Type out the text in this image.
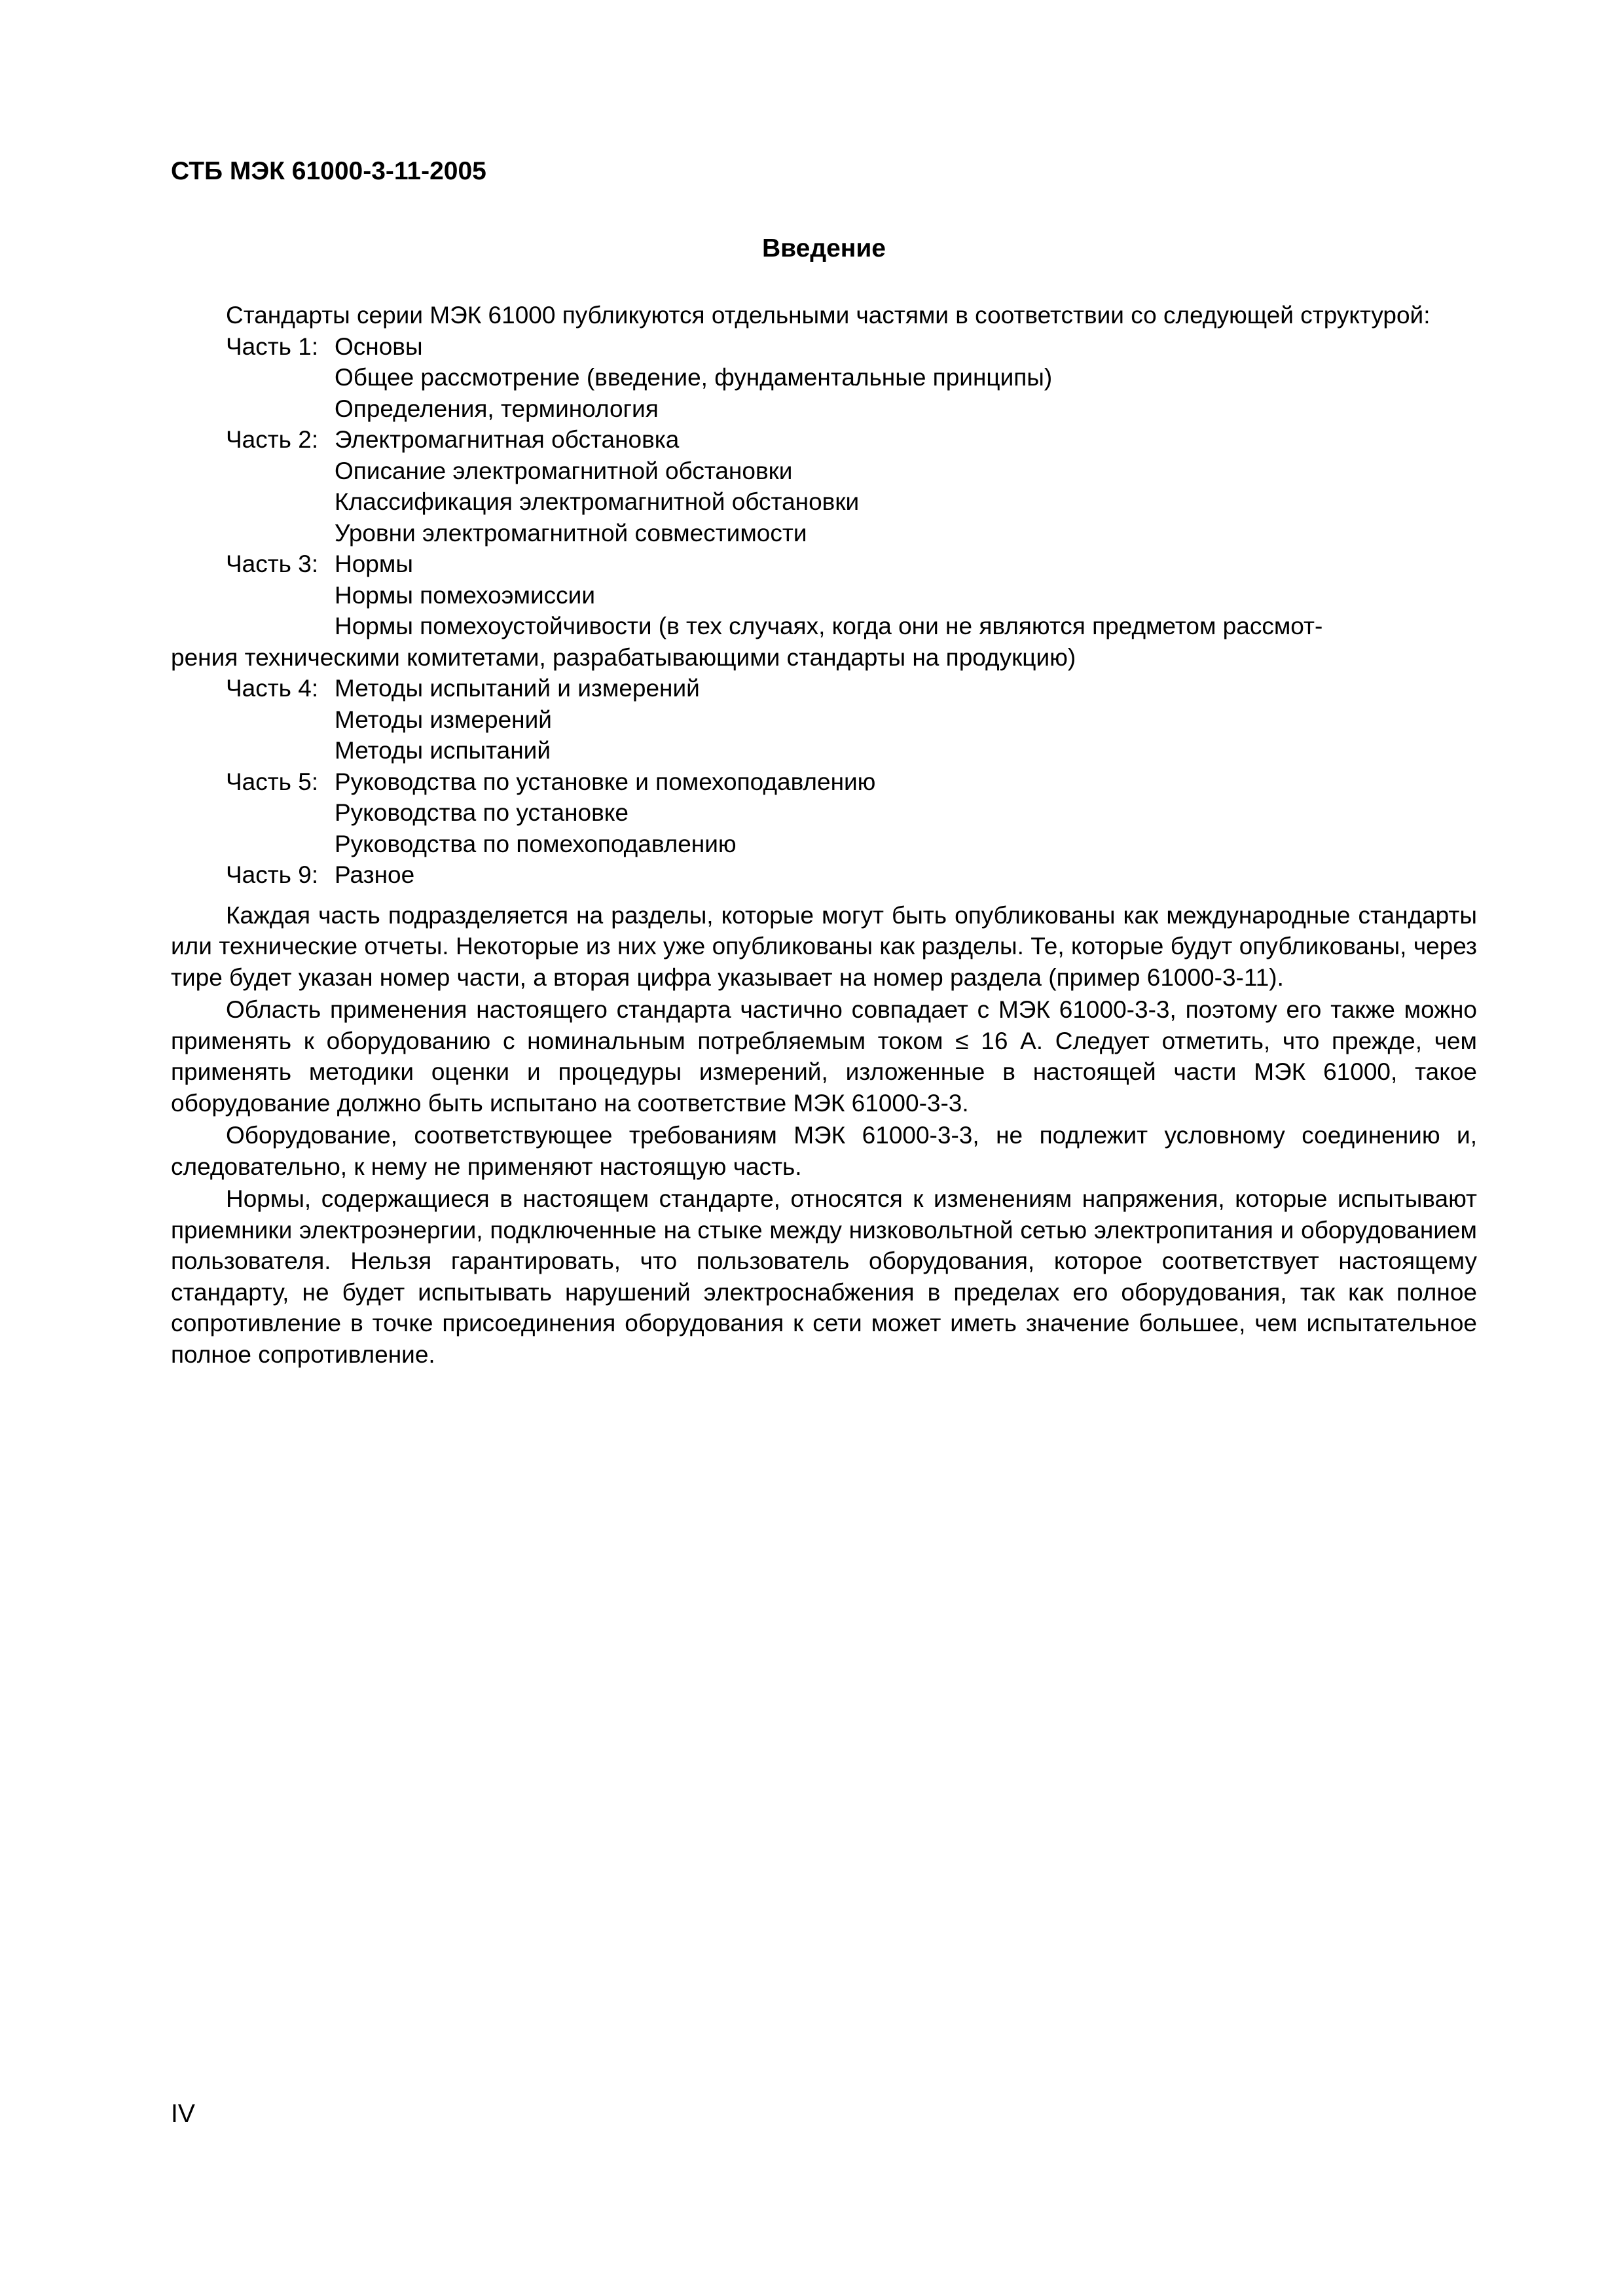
СТБ МЭК 61000-3-11-2005

Введение

Стандарты серии МЭК 61000 публикуются отдельными частями в соответствии со следующей структурой:

Часть 1: Основы

Общее рассмотрение (введение, фундаментальные принципы)

Определения, терминология

Часть 2: Электромагнитная обстановка

Описание электромагнитной обстановки

Классификация электромагнитной обстановки

Уровни электромагнитной совместимости

Часть 3: Нормы

Нормы помехоэмиссии

Нормы помехоустойчивости (в тех случаях, когда они не являются предметом рассмот-

рения техническими комитетами, разрабатывающими стандарты на продукцию)

Часть 4: Методы испытаний и измерений

Методы измерений

Методы испытаний

Часть 5: Руководства по установке и помехоподавлению

Руководства по установке

Руководства по помехоподавлению

Часть 9: Разное

Каждая часть подразделяется на разделы, которые могут быть опубликованы как международные стандарты или технические отчеты. Некоторые из них уже опубликованы как разделы. Те, которые будут опубликованы, через тире будет указан номер части, а вторая цифра указывает на номер раздела (пример 61000-3-11).

Область применения настоящего стандарта частично совпадает с МЭК 61000-3-3, поэтому его также можно применять к оборудованию с номинальным потребляемым током ≤ 16 А. Следует отметить, что прежде, чем применять методики оценки и процедуры измерений, изложенные в настоящей части МЭК 61000, такое оборудование должно быть испытано на соответствие МЭК 61000-3-3.

Оборудование, соответствующее требованиям МЭК 61000-3-3, не подлежит условному соединению и, следовательно, к нему не применяют настоящую часть.

Нормы, содержащиеся в настоящем стандарте, относятся к изменениям напряжения, которые испытывают приемники электроэнергии, подключенные на стыке между низковольтной сетью электропитания и оборудованием пользователя. Нельзя гарантировать, что пользователь оборудования, которое соответствует настоящему стандарту, не будет испытывать нарушений электроснабжения в пределах его оборудования, так как полное сопротивление в точке присоединения оборудования к сети может иметь значение большее, чем испытательное полное сопротивление.

IV
